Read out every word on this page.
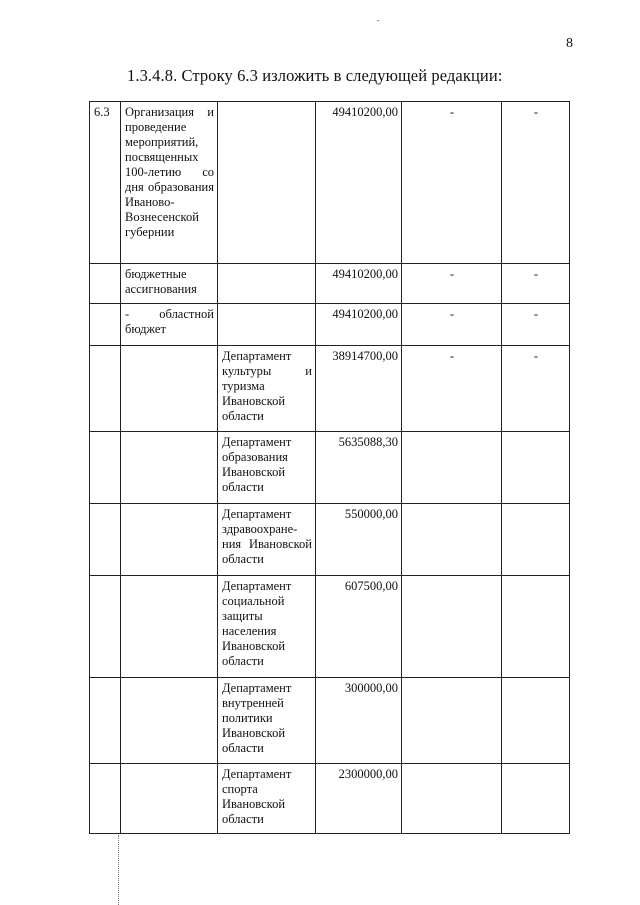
8
1.3.4.8. Строку 6.3 изложить в следующей редакции:
6.3	Организация и проведение мероприятий, посвященных 100-летию со дня образования Иваново-Вознесенской губернии		49410200,00	-	-
	бюджетные ассигнования		49410200,00	-	-
	- областной бюджет		49410200,00	-	-
		Департамент культуры и туризма Ивановской области	38914700,00	-	-
		Департамент образования Ивановской области	5635088,30		
		Департамент здравоохране-ния Ивановской области	550000,00		
		Департамент социальной защиты населения Ивановской области	607500,00		
		Департамент внутренней политики Ивановской области	300000,00		
		Департамент спорта Ивановской области	2300000,00		
